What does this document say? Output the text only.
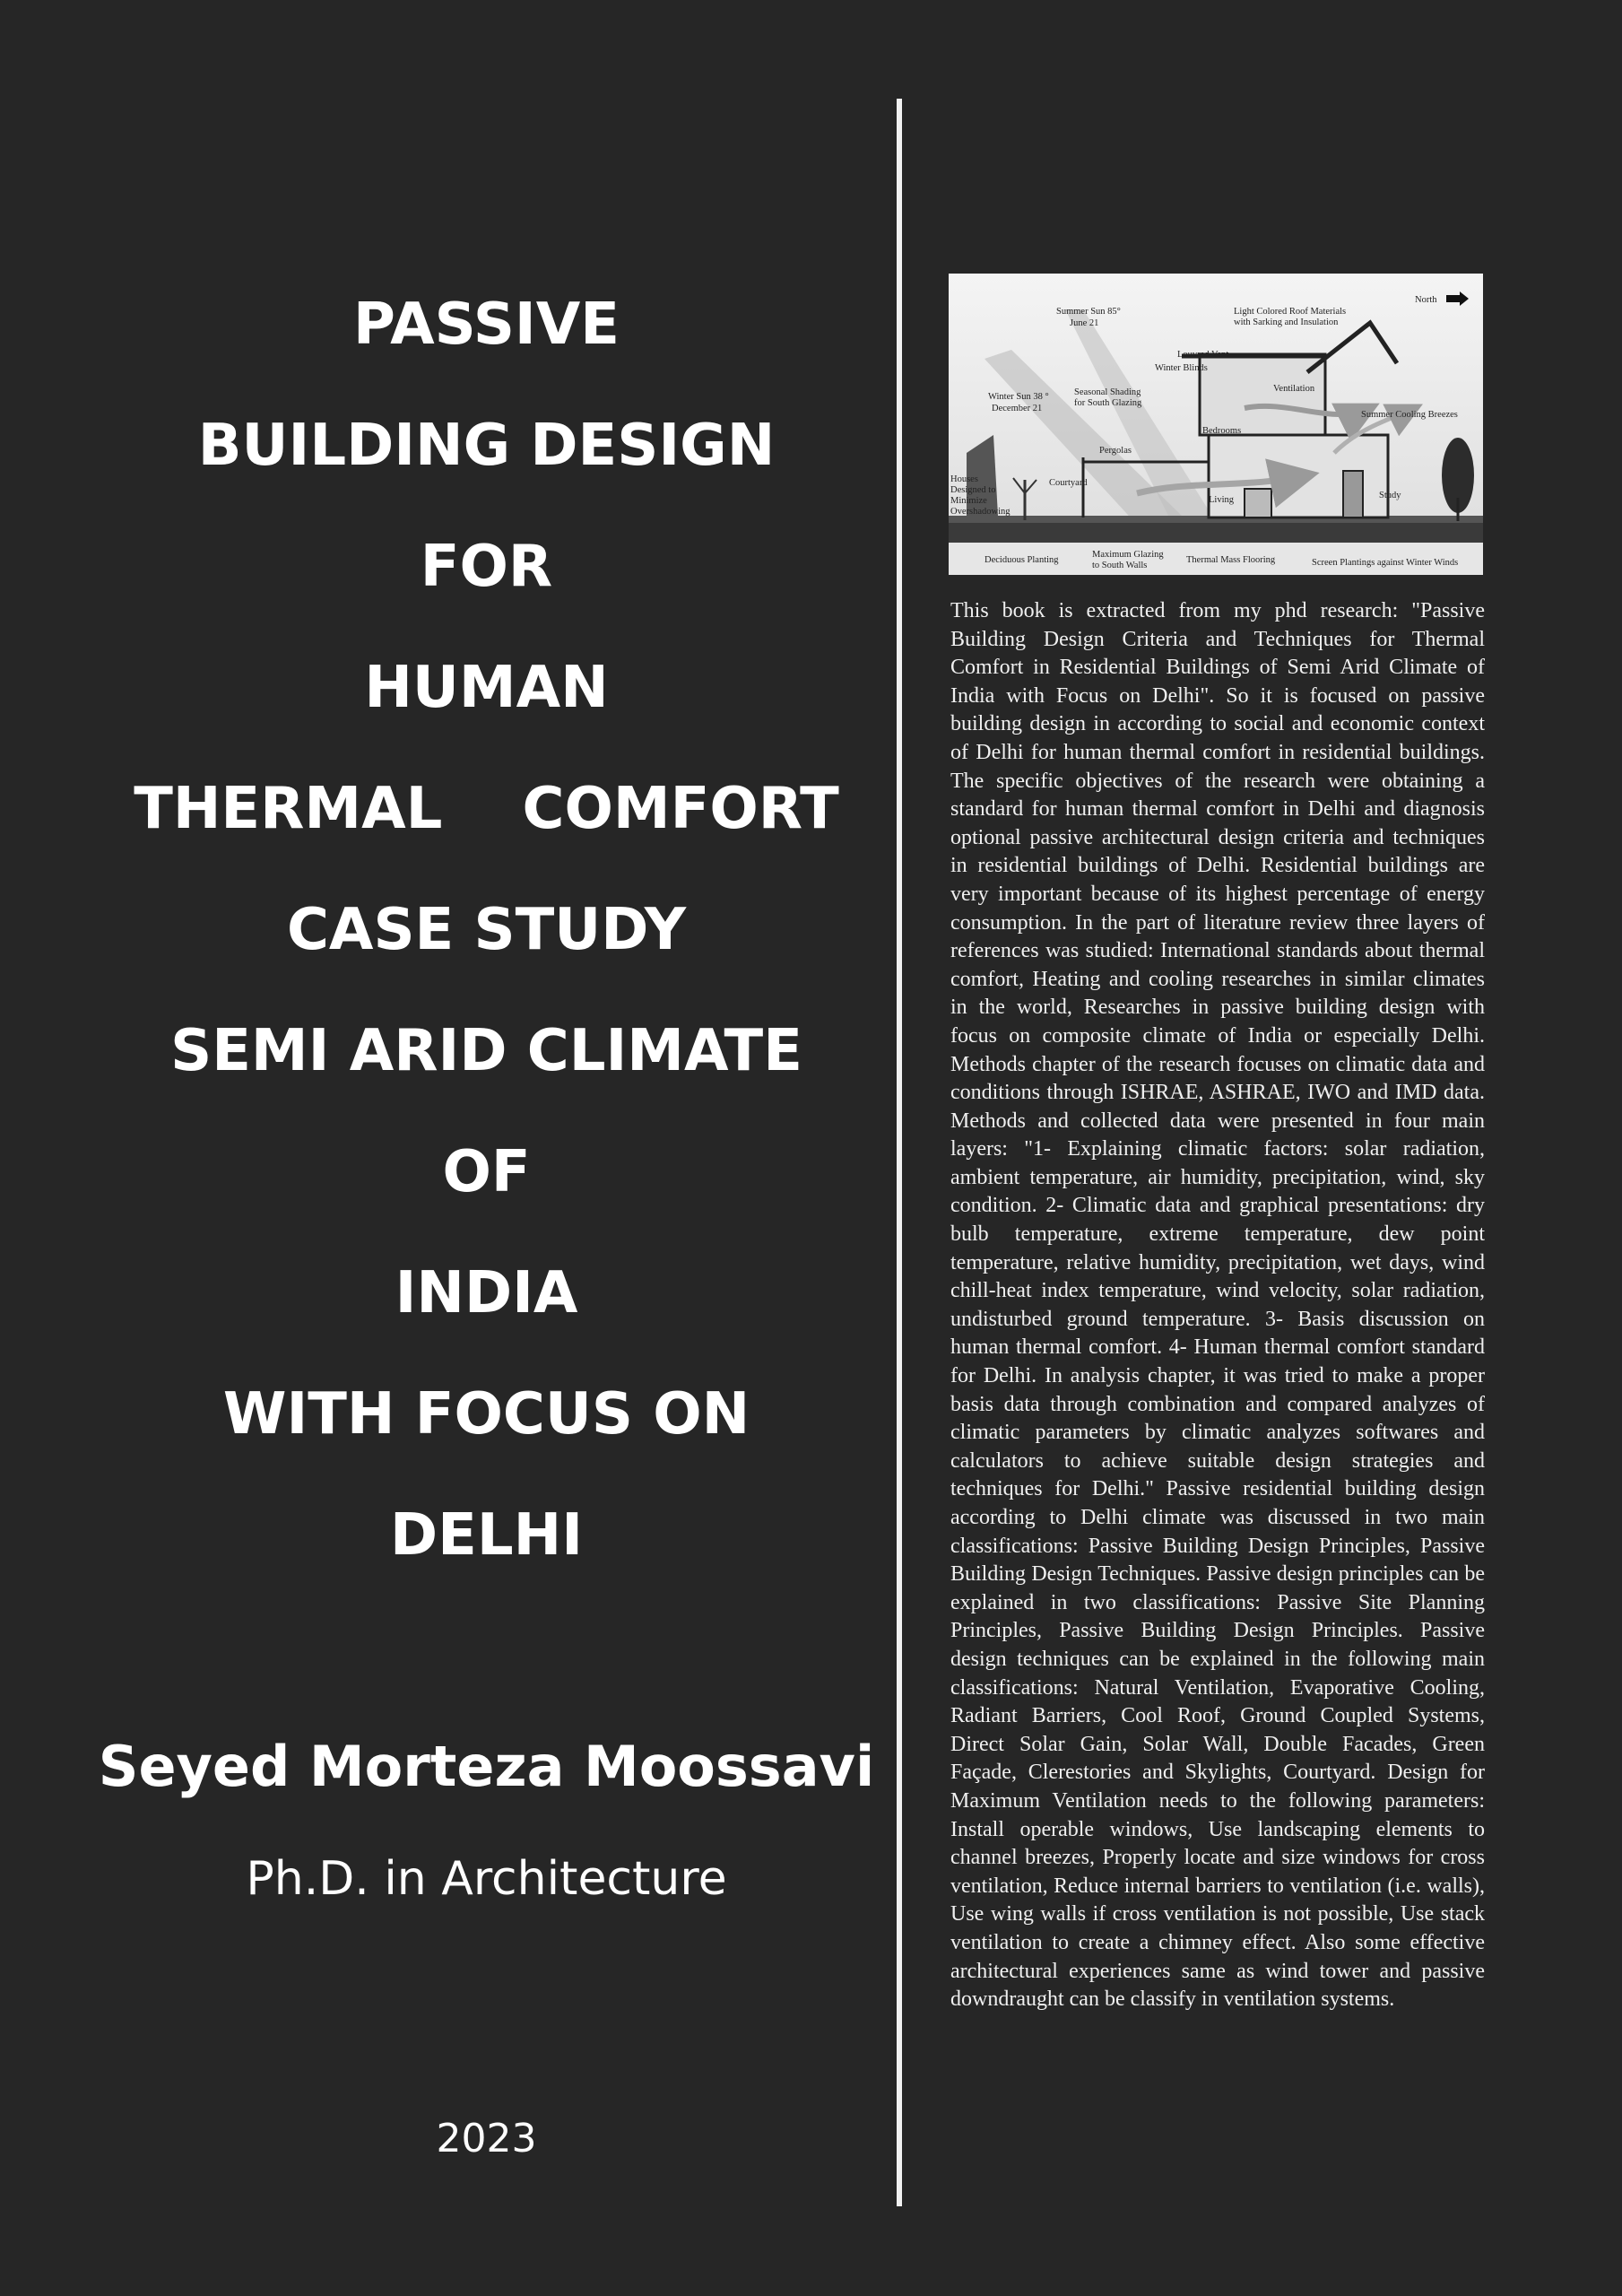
PASSIVE
BUILDING DESIGN
FOR
HUMAN
THERMAL    COMFORT
CASE STUDY
SEMI ARID CLIMATE
OF
INDIA
WITH FOCUS ON
DELHI
Seyed Morteza Moossavi
Ph.D. in Architecture
2023
North
Summer Sun 85°
June 21
Light Colored Roof Materials
with Sarking and Insulation
Louvred Vent
Winter Blinds
Ventilation
Winter Sun 38 °
December 21
Seasonal Shading
for South Glazing
Bedrooms
Summer Cooling Breezes
Pergolas
Courtyard
Houses
Designed to
Minimize
Overshadowing
Living	Study
Deciduous Planting
Maximum Glazing
to South Walls
Thermal Mass Flooring	Screen Plantings against Winter Winds

This book is extracted from my phd research: "Passive Building Design Criteria and Techniques for Thermal Comfort in Residential Buildings of Semi Arid Climate of India with Focus on Delhi". So it is focused on passive building design in according to social and economic context of Delhi for human thermal comfort in residential buildings. The specific objectives of the research were obtaining a standard for human thermal comfort in Delhi and diagnosis optional passive architectural design criteria and techniques in residential buildings of Delhi. Residential buildings are very important because of its highest percentage of energy consumption. In the part of literature review three layers of references was studied: International standards about thermal comfort, Heating and cooling researches in similar climates in the world, Researches in passive building design with focus on composite climate of India or especially Delhi. Methods chapter of the research focuses on climatic data and conditions through ISHRAE, ASHRAE, IWO and IMD data. Methods and collected data were presented in four main layers: "1- Explaining climatic factors: solar radiation, ambient temperature, air humidity, precipitation, wind, sky condition. 2- Climatic data and graphical presentations: dry bulb temperature, extreme temperature, dew point temperature, relative humidity, precipitation, wet days, wind chill-heat index temperature, wind velocity, solar radiation, undisturbed ground temperature. 3- Basis discussion on human thermal comfort. 4- Human thermal comfort standard for Delhi. In analysis chapter, it was tried to make a proper basis data through combination and compared analyzes of climatic parameters by climatic analyzes softwares and calculators to achieve suitable design strategies and techniques for Delhi." Passive residential building design according to Delhi climate was discussed in two main classifications: Passive Building Design Principles, Passive Building Design Techniques. Passive design principles can be explained in two classifications: Passive Site Planning Principles, Passive Building Design Principles. Passive design techniques can be explained in the following main classifications: Natural Ventilation, Evaporative Cooling, Radiant Barriers, Cool Roof, Ground Coupled Systems, Direct Solar Gain, Solar Wall, Double Facades, Green Façade, Clerestories and Skylights, Courtyard. Design for Maximum Ventilation needs to the following parameters: Install operable windows, Use landscaping elements to channel breezes, Properly locate and size windows for cross ventilation, Reduce internal barriers to ventilation (i.e. walls), Use wing walls if cross ventilation is not possible, Use stack ventilation to create a chimney effect. Also some effective architectural experiences same as wind tower and passive downdraught can be classify in ventilation systems.
